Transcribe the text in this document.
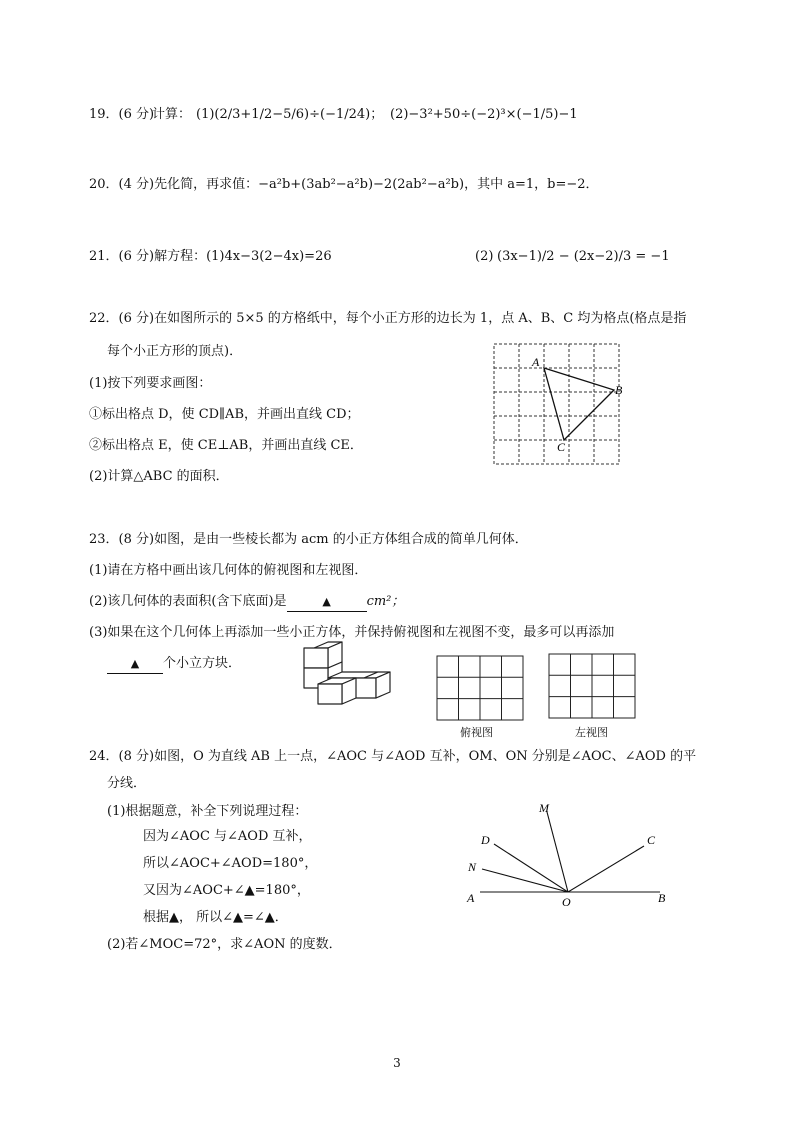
19．(6 分)
计算： (1)(2/3+1/2−5/6)÷(−1/24)； (2)−3²+50÷(−2)³×(−1/5)−1
20．(4 分)先化简，再求值：−a²b+(3ab²−a²b)−2(2ab²−a²b)，其中 a=1，b=−2．
21．(6 分)解方程：(1)4x−3(2−4x)=26	(2) (3x−1)/2 − (2x−2)/3 = −1
22．(6 分)在如图所示的 5×5 的方格纸中，每个小正方形的边长为 1，点 A、B、C 均为格点(格点是指
每个小正方形的顶点)．
(1)按下列要求画图：
①标出格点 D，使 CD∥AB，并画出直线 CD；
②标出格点 E，使 CE⊥AB，并画出直线 CE．
(2)计算△ABC 的面积．
A
B
C
23．(8 分)如图，是由一些棱长都为 acm 的小正方体组合成的简单几何体．
(1)请在方格中画出该几何体的俯视图和左视图．
(2)该几何体的表面积(含下底面)是	▲	cm²；
(3)如果在这个几何体上再添加一些小正方体，并保持俯视图和左视图不变，最多可以再添加
▲ 个小立方块．
俯视图	左视图
24．(8 分)如图，O 为直线 AB 上一点，∠AOC 与∠AOD 互补，OM、ON 分别是∠AOC、∠AOD 的平
分线．
(1)根据题意，补全下列说理过程：
因为∠AOC 与∠AOD 互补，
所以∠AOC+∠AOD=180°，
又因为∠AOC+∠▲=180°，
根据▲， 所以∠▲=∠▲．
(2)若∠MOC=72°，求∠AON 的度数．
M
D	C
N
A	O	B
3
